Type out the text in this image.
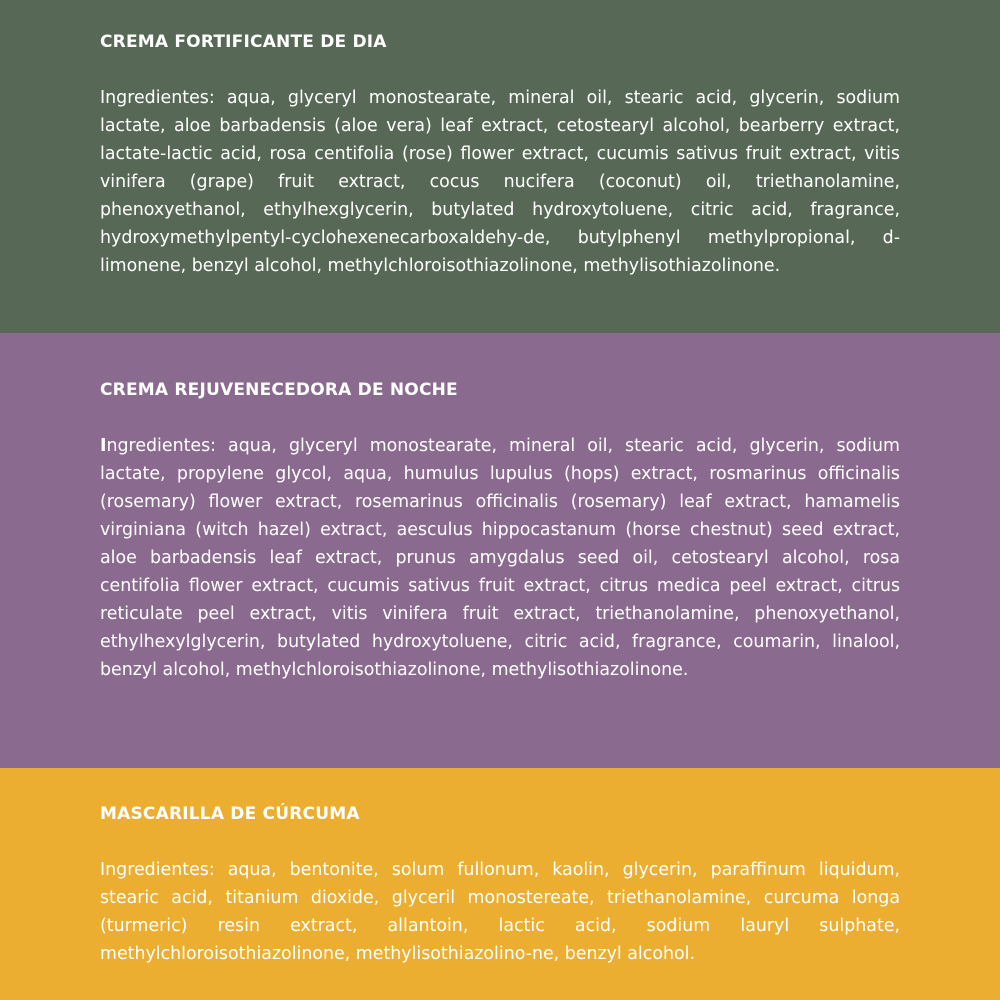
CREMA FORTIFICANTE DE DIA

Ingredientes: aqua, glyceryl monostearate, mineral oil, stearic acid, glycerin, sodium lactate, aloe barbadensis (aloe vera) leaf extract, cetostearyl alcohol, bearberry extract, lactate-lactic acid, rosa centifolia (rose) flower extract, cucumis sativus fruit extract, vitis vinifera (grape) fruit extract, cocus nucifera (coconut) oil, triethanolamine, phenoxyethanol, ethylhexglycerin, butylated hydroxytoluene, citric acid, fragrance, hydroxymethylpentyl-cyclohexenecarboxaldehy-de, butylphenyl methylpropional, d-limonene, benzyl alcohol, methylchloroisothiazolinone, methylisothiazolinone.

CREMA REJUVENECEDORA DE NOCHE

Ingredientes: aqua, glyceryl monostearate, mineral oil, stearic acid, glycerin, sodium lactate, propylene glycol, aqua, humulus lupulus (hops) extract, rosmarinus officinalis (rosemary) flower extract, rosemarinus officinalis (rosemary) leaf extract, hamamelis virginiana (witch hazel) extract, aesculus hippocastanum (horse chestnut) seed extract, aloe barbadensis leaf extract, prunus amygdalus seed oil, cetostearyl alcohol, rosa centifolia flower extract, cucumis sativus fruit extract, citrus medica peel extract, citrus reticulate peel extract, vitis vinifera fruit extract, triethanolamine, phenoxyethanol, ethylhexylglycerin, butylated hydroxytoluene, citric acid, fragrance, coumarin, linalool, benzyl alcohol, methylchloroisothiazolinone, methylisothiazolinone.

MASCARILLA DE CÚRCUMA

Ingredientes: aqua, bentonite, solum fullonum, kaolin, glycerin, paraffinum liquidum, stearic acid, titanium dioxide, glyceril monostereate, triethanolamine, curcuma longa (turmeric) resin extract, allantoin, lactic acid, sodium lauryl sulphate, methylchloroisothiazolinone, methylisothiazolino-ne, benzyl alcohol.
